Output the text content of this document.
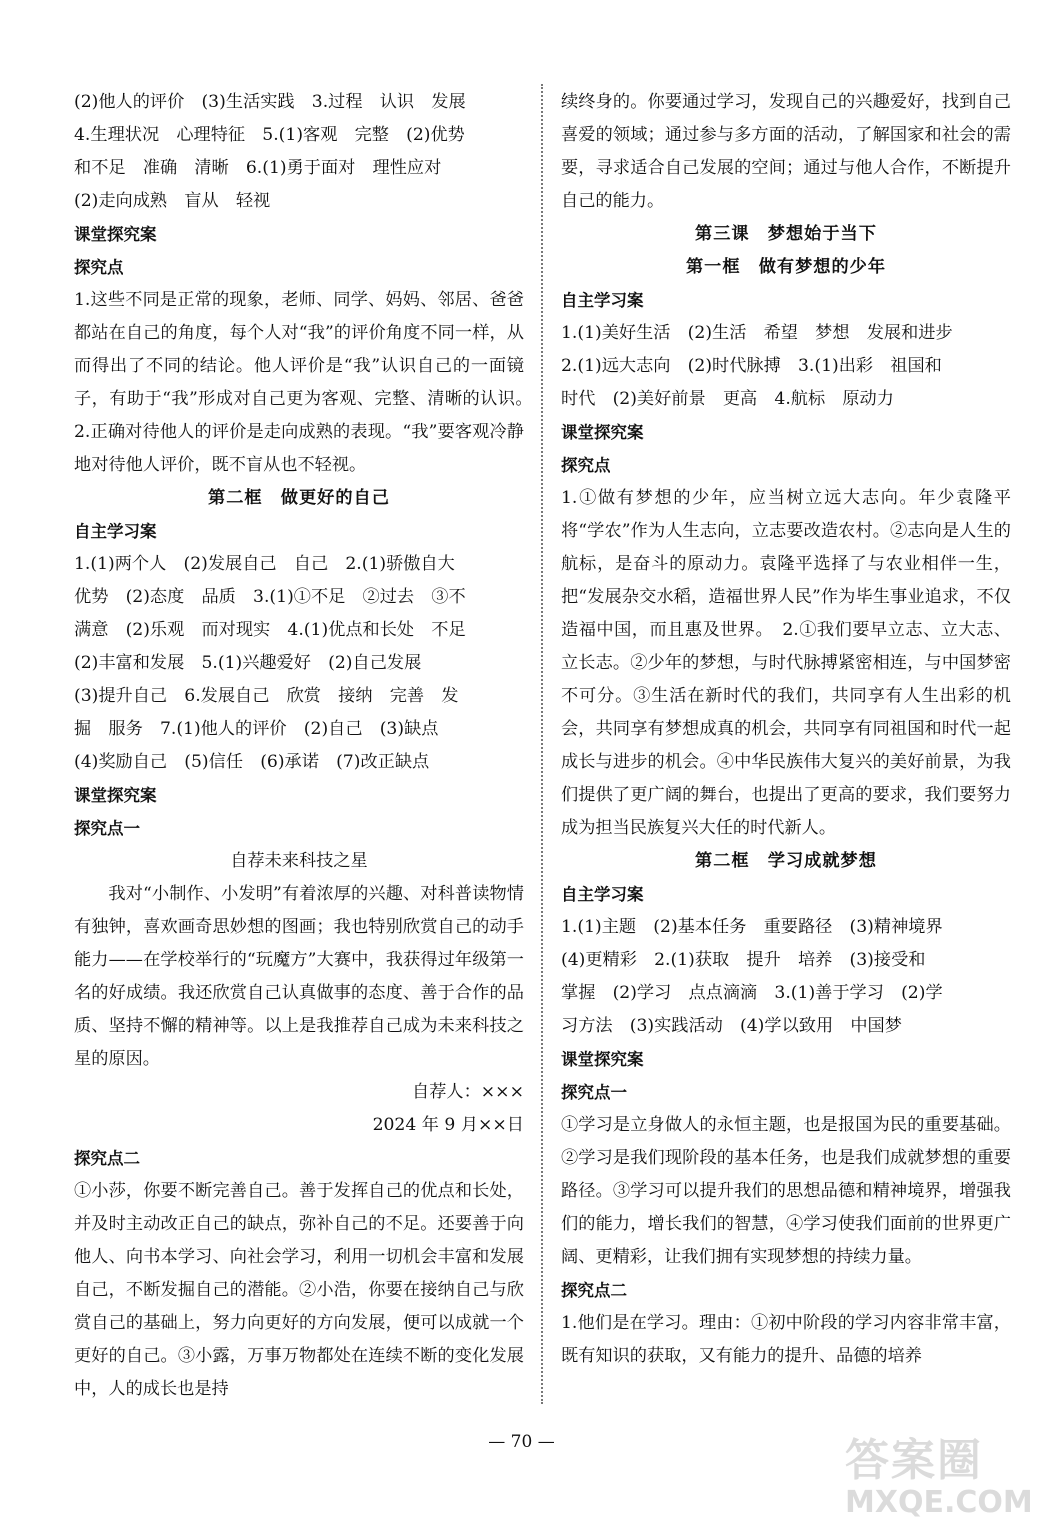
(2)他人的评价　(3)生活实践　3.过程　认识　发展

4.生理状况　心理特征　5.(1)客观　完整　(2)优势

和不足　准确　清晰　6.(1)勇于面对　理性应对

(2)走向成熟　盲从　轻视

课堂探究案

探究点

1.这些不同是正常的现象，老师、同学、妈妈、邻居、爸爸都站在自己的角度，每个人对“我”的评价角度不同一样，从而得出了不同的结论。他人评价是“我”认识自己的一面镜子，有助于“我”形成对自己更为客观、完整、清晰的认识。　2.正确对待他人的评价是走向成熟的表现。“我”要客观冷静地对待他人评价，既不盲从也不轻视。

第二框　做更好的自己

自主学习案

1.(1)两个人　(2)发展自己　自己　2.(1)骄傲自大

优势　(2)态度　品质　3.(1)①不足　②过去　③不

满意　(2)乐观　而对现实　4.(1)优点和长处　不足

(2)丰富和发展　5.(1)兴趣爱好　(2)自己发展

(3)提升自己　6.发展自己　欣赏　接纳　完善　发

掘　服务　7.(1)他人的评价　(2)自己　(3)缺点

(4)奖励自己　(5)信任　(6)承诺　(7)改正缺点

课堂探究案

探究点一

自荐未来科技之星

我对“小制作、小发明”有着浓厚的兴趣、对科普读物情有独钟，喜欢画奇思妙想的图画；我也特别欣赏自己的动手能力——在学校举行的“玩魔方”大赛中，我获得过年级第一名的好成绩。我还欣赏自己认真做事的态度、善于合作的品质、坚持不懈的精神等。以上是我推荐自己成为未来科技之星的原因。

自荐人：×××

2024 年 9 月××日

探究点二

①小莎，你要不断完善自己。善于发挥自己的优点和长处，并及时主动改正自己的缺点，弥补自己的不足。还要善于向他人、向书本学习、向社会学习，利用一切机会丰富和发展自己，不断发掘自己的潜能。②小浩，你要在接纳自己与欣赏自己的基础上，努力向更好的方向发展，便可以成就一个更好的自己。③小露，万事万物都处在连续不断的变化发展中，人的成长也是持

续终身的。你要通过学习，发现自己的兴趣爱好，找到自己喜爱的领域；通过参与多方面的活动，了解国家和社会的需要，寻求适合自己发展的空间；通过与他人合作，不断提升自己的能力。

第三课　梦想始于当下

第一框　做有梦想的少年

自主学习案

1.(1)美好生活　(2)生活　希望　梦想　发展和进步

2.(1)远大志向　(2)时代脉搏　3.(1)出彩　祖国和

时代　(2)美好前景　更高　4.航标　原动力

课堂探究案

探究点

1.①做有梦想的少年，应当树立远大志向。年少袁隆平将“学农”作为人生志向，立志要改造农村。②志向是人生的航标，是奋斗的原动力。袁隆平选择了与农业相伴一生，把“发展杂交水稻，造福世界人民”作为毕生事业追求，不仅造福中国，而且惠及世界。　2.①我们要早立志、立大志、立长志。②少年的梦想，与时代脉搏紧密相连，与中国梦密不可分。③生活在新时代的我们，共同享有人生出彩的机会，共同享有梦想成真的机会，共同享有同祖国和时代一起成长与进步的机会。④中华民族伟大复兴的美好前景，为我们提供了更广阔的舞台，也提出了更高的要求，我们要努力成为担当民族复兴大任的时代新人。

第二框　学习成就梦想

自主学习案

1.(1)主题　(2)基本任务　重要路径　(3)精神境界

(4)更精彩　2.(1)获取　提升　培养　(3)接受和

掌握　(2)学习　点点滴滴　3.(1)善于学习　(2)学

习方法　(3)实践活动　(4)学以致用　中国梦

课堂探究案

探究点一

①学习是立身做人的永恒主题，也是报国为民的重要基础。②学习是我们现阶段的基本任务，也是我们成就梦想的重要路径。③学习可以提升我们的思想品德和精神境界，增强我们的能力，增长我们的智慧，④学习使我们面前的世界更广阔、更精彩，让我们拥有实现梦想的持续力量。

探究点二

1.他们是在学习。理由：①初中阶段的学习内容非常丰富，既有知识的获取，又有能力的提升、品德的培养

— 70 —	答案圈
MXQE.COM
